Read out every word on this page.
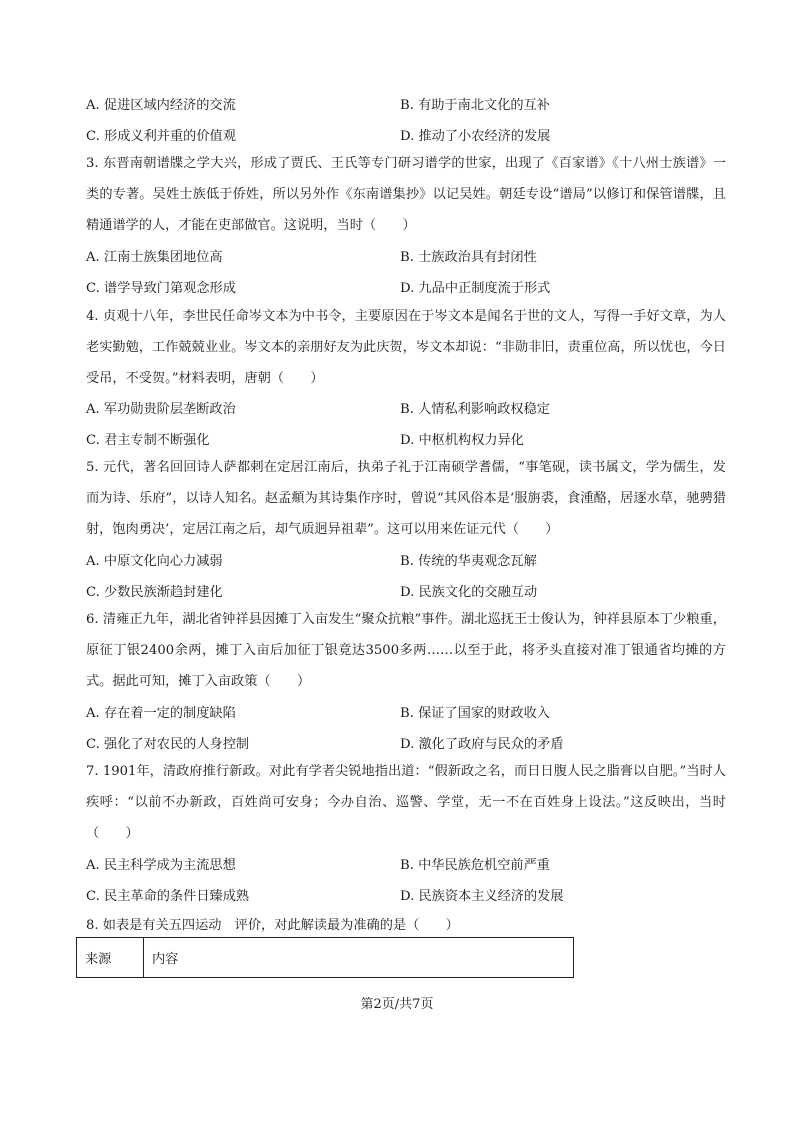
A. 促进区域内经济的交流	B. 有助于南北文化的互补
C. 形成义利并重的价值观	D. 推动了小农经济的发展
3. 东晋南朝谱牒之学大兴，形成了贾氏、王氏等专门研习谱学的世家，出现了《百家谱》《十八州士族谱》一类的专著。吴姓士族低于侨姓，所以另外作《东南谱集抄》以记吴姓。朝廷专设“谱局”以修订和保管谱牒，且精通谱学的人，才能在吏部做官。这说明，当时（　　）
A. 江南士族集团地位高	B. 士族政治具有封闭性
C. 谱学导致门第观念形成	D. 九品中正制度流于形式
4. 贞观十八年，李世民任命岑文本为中书令，主要原因在于岑文本是闻名于世的文人，写得一手好文章，为人老实勤勉，工作兢兢业业。岑文本的亲朋好友为此庆贺，岑文本却说：“非勋非旧，责重位高，所以忧也，今日受吊，不受贺。”材料表明，唐朝（　　）
A. 军功勋贵阶层垄断政治	B. 人情私利影响政权稳定
C. 君主专制不断强化	D. 中枢机构权力异化
5. 元代，著名回回诗人萨都剌在定居江南后，执弟子礼于江南硕学耆儒，“事笔砚，读书属文，学为儒生，发而为诗、乐府”，以诗人知名。赵孟頫为其诗集作序时，曾说“其风俗本是‘服旃裘，食湩酪，居逐水草，驰骋猎射，饱肉勇决’，定居江南之后，却气质迥异祖辈”。这可以用来佐证元代（　　）
A. 中原文化向心力减弱	B. 传统的华夷观念瓦解
C. 少数民族渐趋封建化	D. 民族文化的交融互动
6. 清雍正九年，湖北省钟祥县因摊丁入亩发生“聚众抗粮”事件。湖北巡抚王士俊认为，钟祥县原本丁少粮重，原征丁银2400余两，摊丁入亩后加征丁银竟达3500多两……以至于此，将矛头直接对准丁银通省均摊的方式。据此可知，摊丁入亩政策（　　）
A. 存在着一定的制度缺陷	B. 保证了国家的财政收入
C. 强化了对农民的人身控制	D. 激化了政府与民众的矛盾
7. 1901年，清政府推行新政。对此有学者尖锐地指出道：“假新政之名，而日日腹人民之脂膏以自肥。”当时人疾呼：“以前不办新政，百姓尚可安身；今办自治、巡警、学堂，无一不在百姓身上设法。”这反映出，当时（　　）
A. 民主科学成为主流思想	B. 中华民族危机空前严重
C. 民主革命的条件日臻成熟	D. 民族资本主义经济的发展
8. 如表是有关五四运动　评价，对此解读最为准确的是（　　）
来源	内容
第2页/共7页
